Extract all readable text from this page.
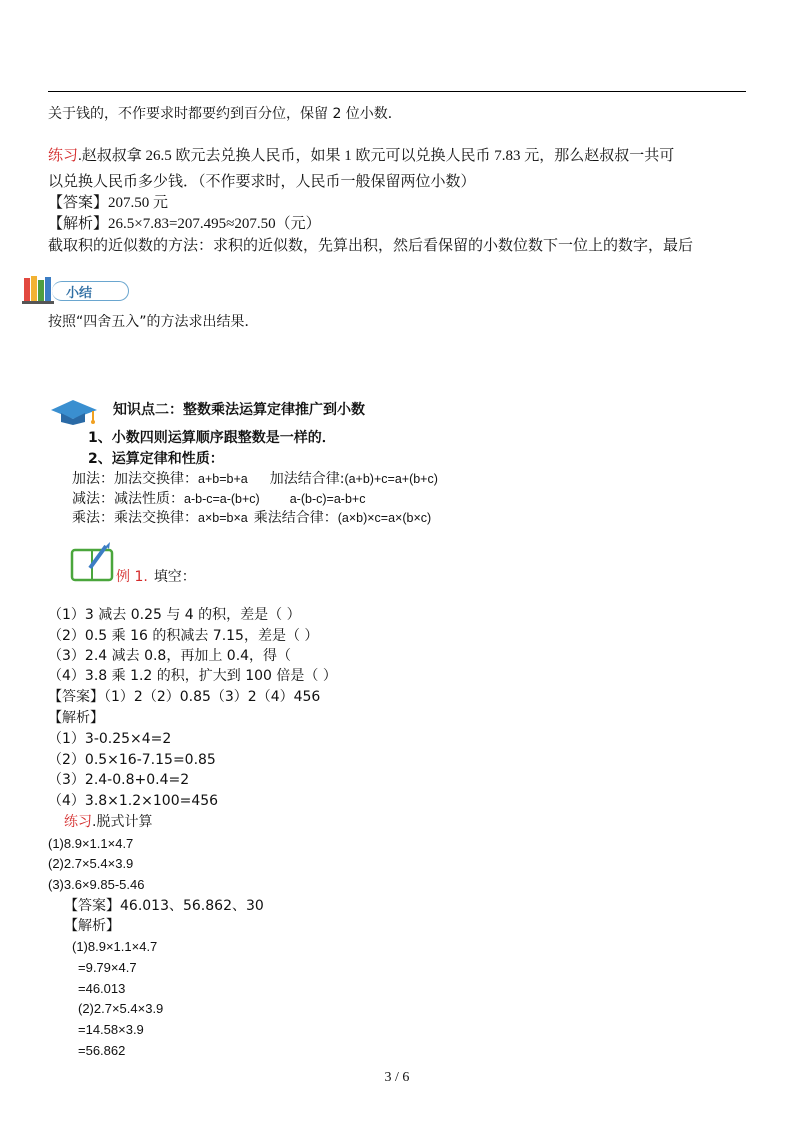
关于钱的，不作要求时都要约到百分位，保留 2 位小数．
练习.赵叔叔拿 26.5 欧元去兑换人民币，如果 1 欧元可以兑换人民币 7.83 元，那么赵叔叔一共可
以兑换人民币多少钱．（不作要求时，人民币一般保留两位小数）
【答案】207.50 元
【解析】26.5×7.83=207.495≈207.50（元）
截取积的近似数的方法：求积的近似数，先算出积，然后看保留的小数位数下一位上的数字，最后
小结
按照“四舍五入”的方法求出结果．
知识点二：整数乘法运算定律推广到小数
1、小数四则运算顺序跟整数是一样的．
2、运算定律和性质：
加法：加法交换律：a+b=b+a 加法结合律:(a+b)+c=a+(b+c)
减法：减法性质：a-b-c=a-(b+c) a-(b-c)=a-b+c
乘法：乘法交换律：a×b=b×a 乘法结合律：(a×b)×c=a×(b×c)
例 1. 填空：
（1）3 减去 0.25 与 4 的积，差是（ ）
（2）0.5 乘 16 的积减去 7.15，差是（ ）
（3）2.4 减去 0.8，再加上 0.4，得（
（4）3.8 乘 1.2 的积，扩大到 100 倍是（ ）
【答案】（1）2（2）0.85（3）2（4）456
【解析】
（1）3-0.25×4=2
（2）0.5×16-7.15=0.85
（3）2.4-0.8+0.4=2
（4）3.8×1.2×100=456
练习.脱式计算
(1)8.9×1.1×4.7
(2)2.7×5.4×3.9
(3)3.6×9.85-5.46
【答案】46.013、56.862、30
【解析】
(1)8.9×1.1×4.7
=9.79×4.7
=46.013
(2)2.7×5.4×3.9
=14.58×3.9
=56.862
3 / 6
